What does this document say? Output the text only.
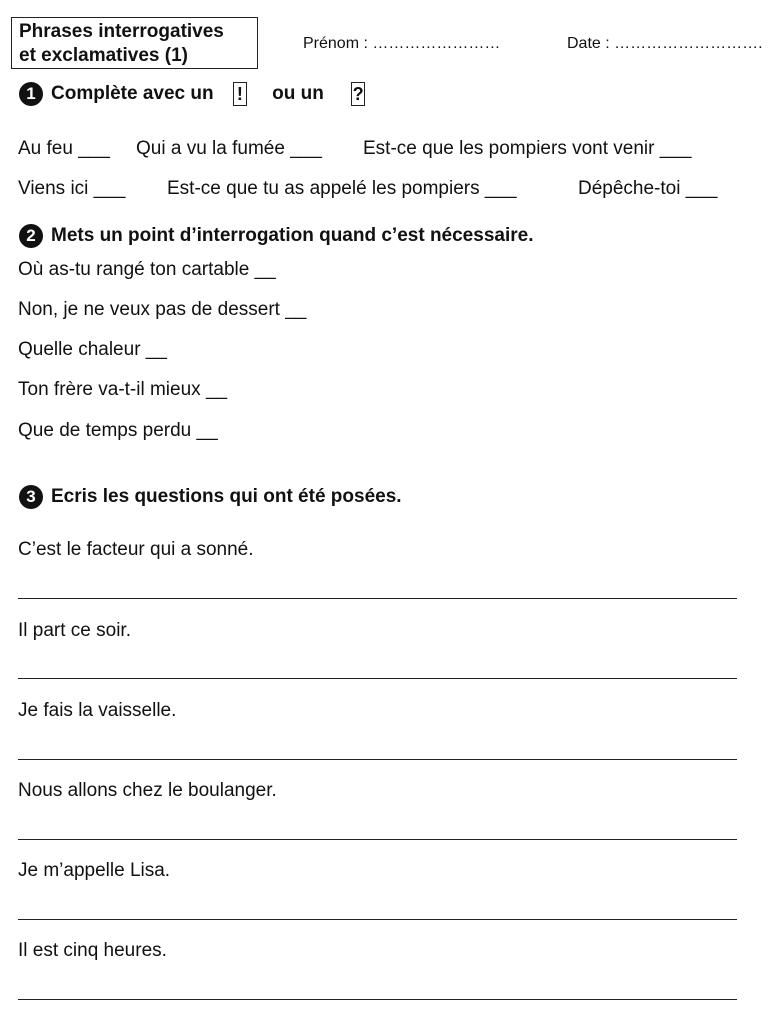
Phrases interrogatives
et exclamatives (1)
Prénom : ……………………	Date : ……………………….
1 Complète avec un ! ou un ?
Au feu ___ Qui a vu la fumée ___ Est-ce que les pompiers vont venir ___
Viens ici ___ Est-ce que tu as appelé les pompiers ___	Dépêche-toi ___
2 Mets un point d’interrogation quand c’est nécessaire.
Où as-tu rangé ton cartable __
Non, je ne veux pas de dessert __
Quelle chaleur __
Ton frère va-t-il mieux __
Que de temps perdu __
3 Ecris les questions qui ont été posées.
C’est le facteur qui a sonné.
Il part ce soir.
Je fais la vaisselle.
Nous allons chez le boulanger.
Je m’appelle Lisa.
Il est cinq heures.
